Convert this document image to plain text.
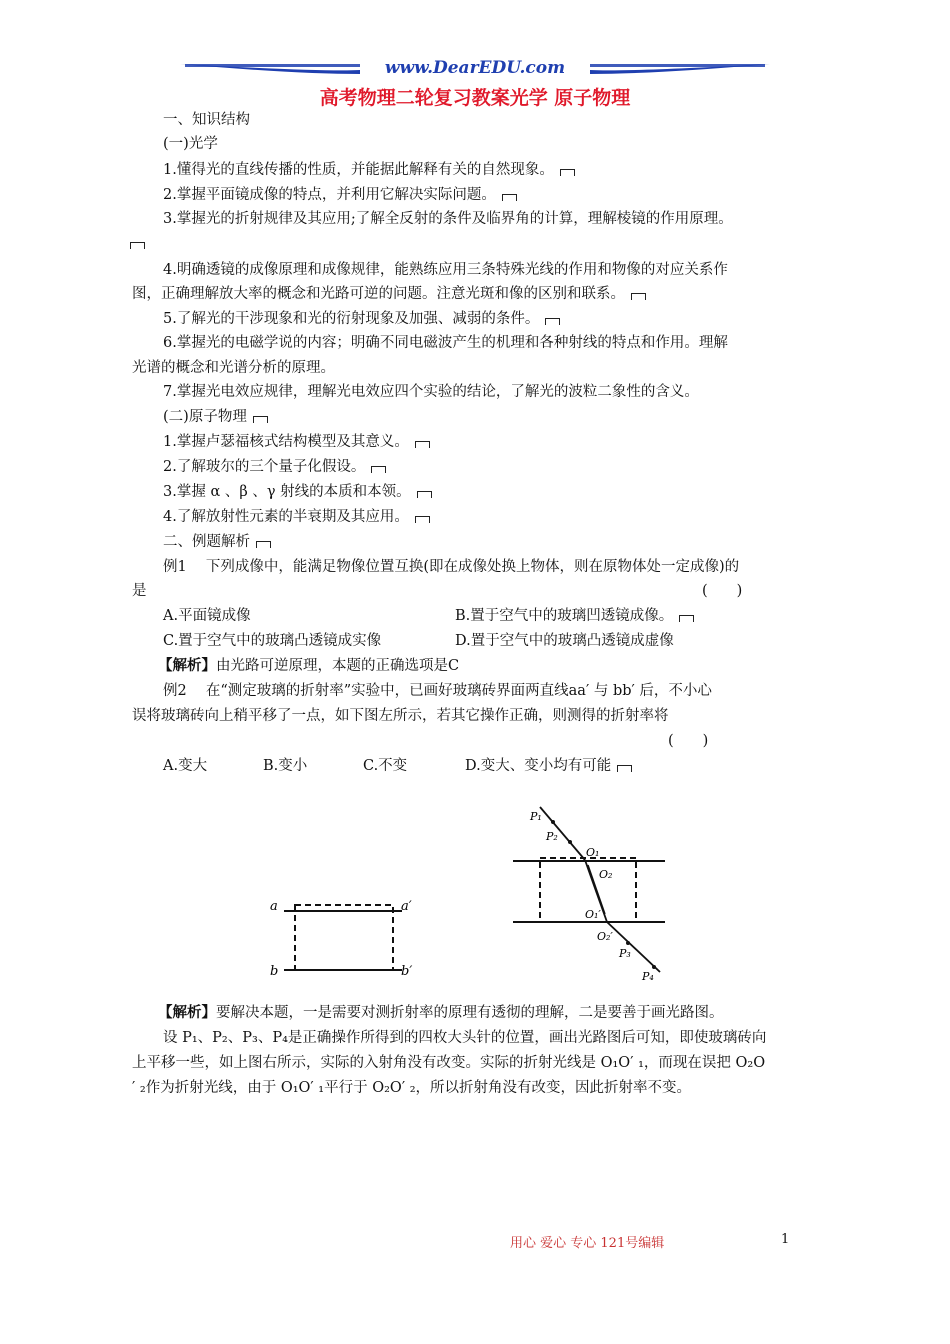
www.DearEDU.com
高考物理二轮复习教案光学 原子物理
一、知识结构
(一)光学
1.懂得光的直线传播的性质，并能据此解释有关的自然现象。
2.掌握平面镜成像的特点，并利用它解决实际问题。
3.掌握光的折射规律及其应用;了解全反射的条件及临界角的计算，理解棱镜的作用原理。
4.明确透镜的成像原理和成像规律，能熟练应用三条特殊光线的作用和物像的对应关系作
图，正确理解放大率的概念和光路可逆的问题。注意光斑和像的区别和联系。
5.了解光的干涉现象和光的衍射现象及加强、减弱的条件。
6.掌握光的电磁学说的内容；明确不同电磁波产生的机理和各种射线的特点和作用。理解
光谱的概念和光谱分析的原理。
7.掌握光电效应规律，理解光电效应四个实验的结论，了解光的波粒二象性的含义。
(二)原子物理
1.掌握卢瑟福核式结构模型及其意义。
2.了解玻尔的三个量子化假设。
3.掌握 α 、β 、γ 射线的本质和本领。
4.了解放射性元素的半衰期及其应用。
二、例题解析
例1　 下列成像中，能满足物像位置互换(即在成像处换上物体，则在原物体处一定成像)的
是	(　　)
A.平面镜成像	B.置于空气中的玻璃凹透镜成像。
C.置于空气中的玻璃凸透镜成实像	D.置于空气中的玻璃凸透镜成虚像
【解析】由光路可逆原理，本题的正确选项是C
例2　 在“测定玻璃的折射率”实验中，已画好玻璃砖界面两直线aa′ 与 bb′ 后，不小心
误将玻璃砖向上稍平移了一点，如下图左所示，若其它操作正确，则测得的折射率将
(　　)
A.变大	B.变小	C.不变	D.变大、变小均有可能
a	a′
b	b′
P₁
P₂
O₁
O₂
O₁′
O₂′
P₃
P₄
【解析】要解决本题，一是需要对测折射率的原理有透彻的理解，二是要善于画光路图。
设 P₁、P₂、P₃、P₄是正确操作所得到的四枚大头针的位置，画出光路图后可知，即使玻璃砖向
上平移一些，如上图右所示，实际的入射角没有改变。实际的折射光线是 O₁O′ ₁，而现在误把 O₂O
′ ₂作为折射光线，由于 O₁O′ ₁平行于 O₂O′ ₂，所以折射角没有改变，因此折射率不变。
用心 爱心 专心 121号编辑	1
